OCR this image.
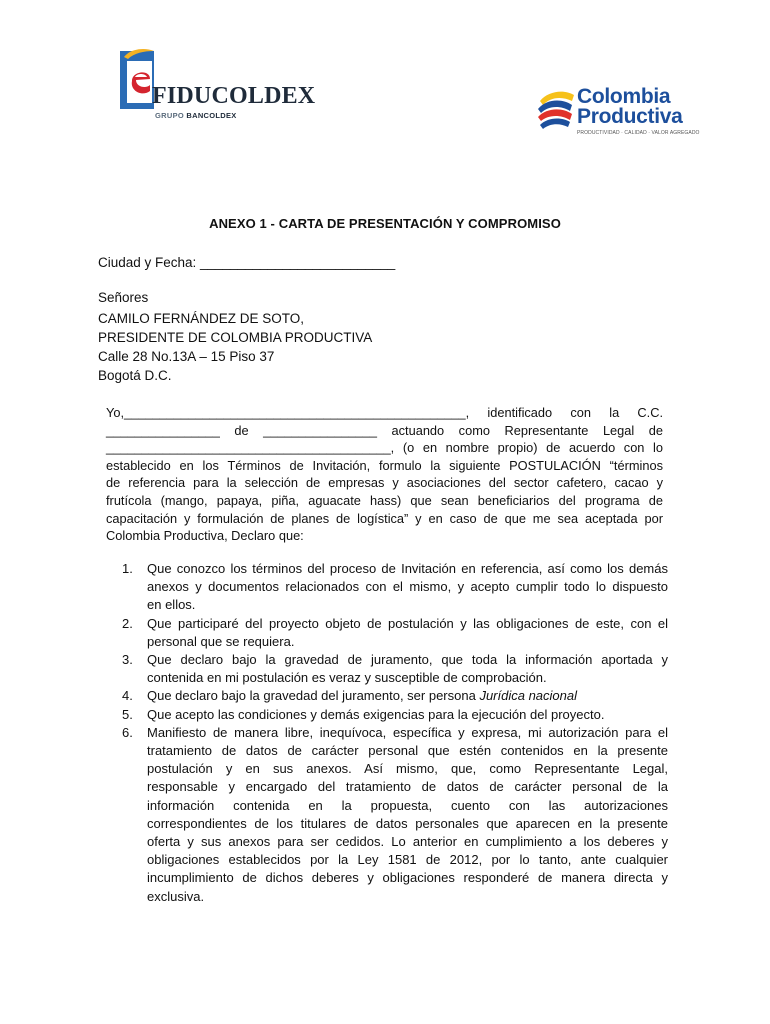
FIDUCOLDEX
GRUPO BANCOLDEX
Colombia
Productiva
PRODUCTIVIDAD · CALIDAD · VALOR AGREGADO
ANEXO 1 - CARTA DE PRESENTACIÓN Y COMPROMISO
Ciudad y Fecha: __________________________
Señores
CAMILO FERNÁNDEZ DE SOTO,
PRESIDENTE DE COLOMBIA PRODUCTIVA
Calle 28 No.13A – 15 Piso 37
Bogotá D.C.
Yo,________________________________________________, identificado con la C.C.
________________ de ________________ actuando como Representante Legal de
________________________________________, (o en nombre propio) de acuerdo con lo
establecido en los Términos de Invitación, formulo la siguiente POSTULACIÓN “términos
de referencia para la selección de empresas y asociaciones del sector cafetero, cacao y
frutícola (mango, papaya, piña, aguacate hass) que sean beneficiarios del programa de
capacitación y formulación de planes de logística” y en caso de que me sea aceptada por
Colombia Productiva, Declaro que:
1. Que conozco los términos del proceso de Invitación en referencia, así como los demás
anexos y documentos relacionados con el mismo, y acepto cumplir todo lo dispuesto
en ellos.
2. Que participaré del proyecto objeto de postulación y las obligaciones de este, con el
personal que se requiera.
3. Que declaro bajo la gravedad de juramento, que toda la información aportada y
contenida en mi postulación es veraz y susceptible de comprobación.
4. Que declaro bajo la gravedad del juramento, ser persona Jurídica nacional
5. Que acepto las condiciones y demás exigencias para la ejecución del proyecto.
6. Manifiesto de manera libre, inequívoca, específica y expresa, mi autorización para el
tratamiento de datos de carácter personal que estén contenidos en la presente
postulación y en sus anexos. Así mismo, que, como Representante Legal,
responsable y encargado del tratamiento de datos de carácter personal de la
información contenida en la propuesta, cuento con las autorizaciones
correspondientes de los titulares de datos personales que aparecen en la presente
oferta y sus anexos para ser cedidos. Lo anterior en cumplimiento a los deberes y
obligaciones establecidos por la Ley 1581 de 2012, por lo tanto, ante cualquier
incumplimiento de dichos deberes y obligaciones responderé de manera directa y
exclusiva.
